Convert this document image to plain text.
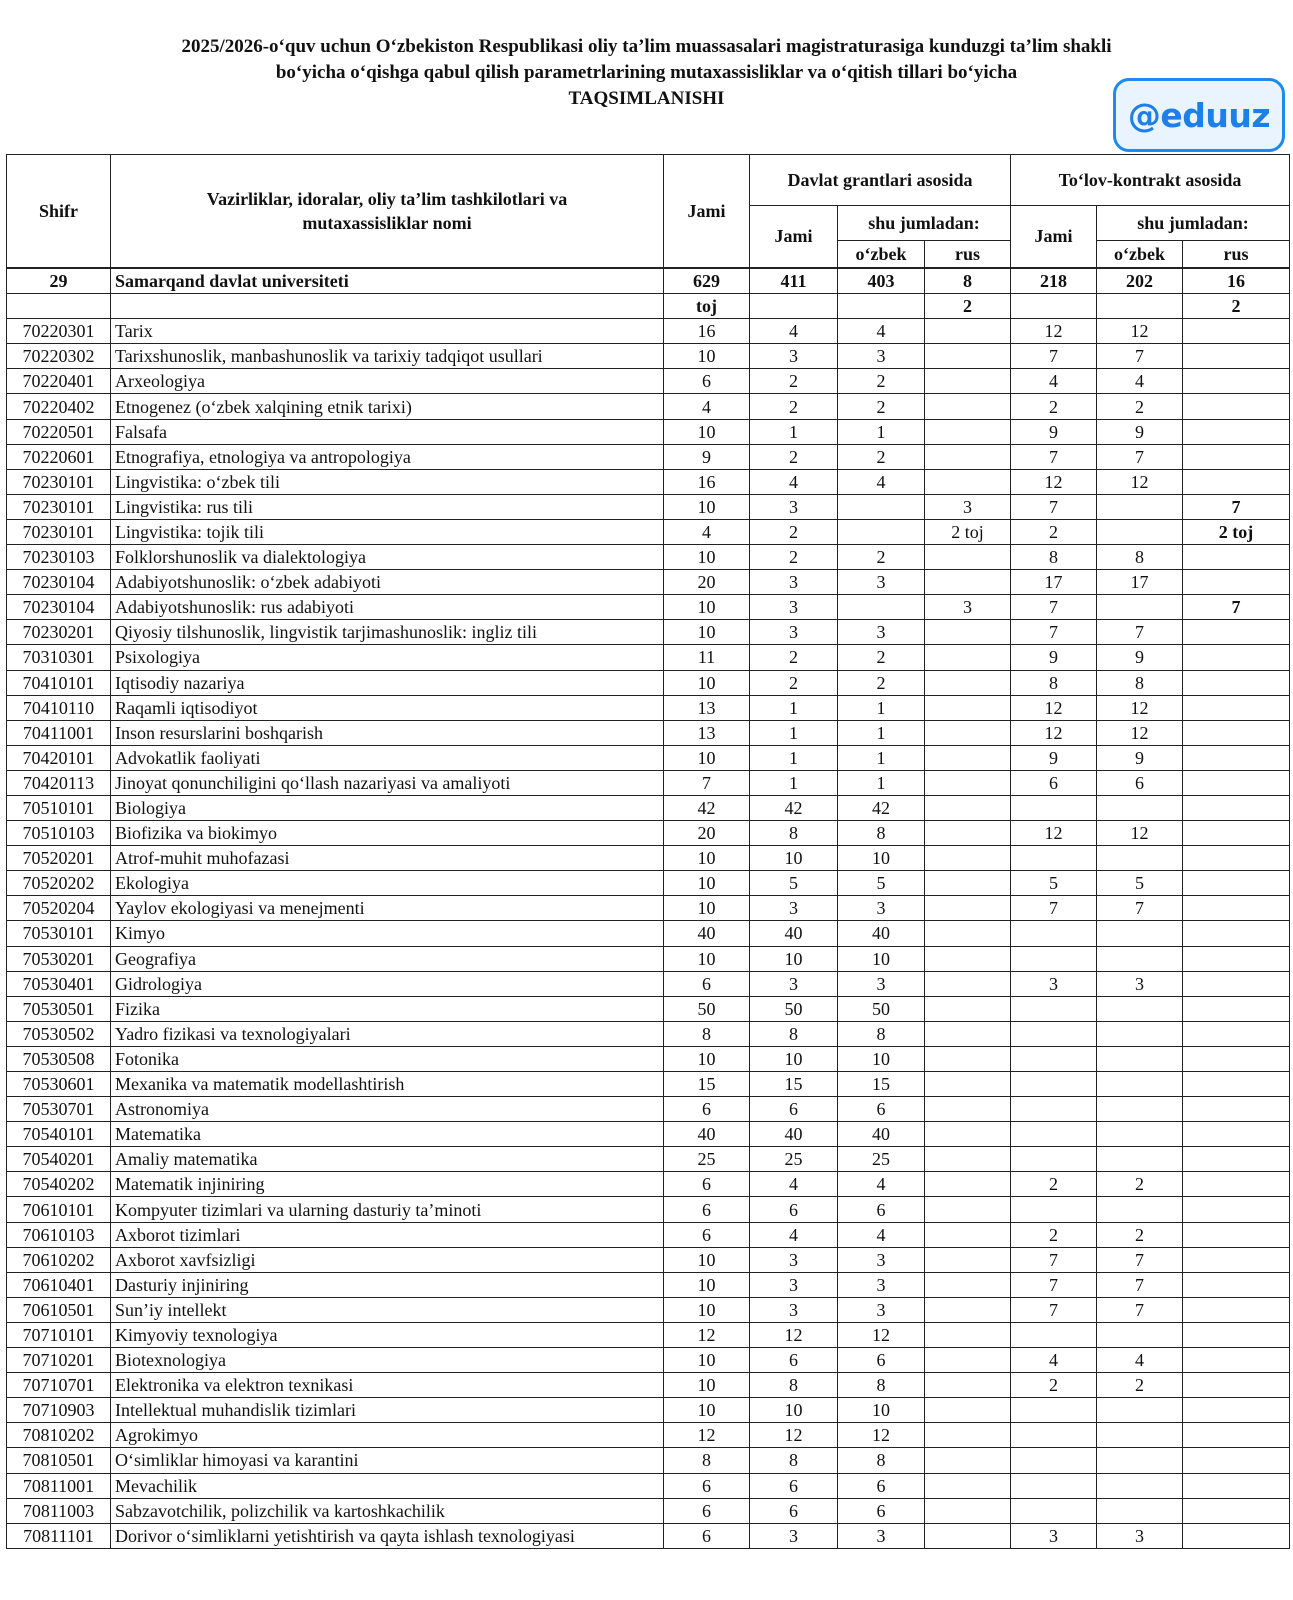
2025/2026-o‘quv uchun O‘zbekiston Respublikasi oliy ta’lim muassasalari magistraturasiga kunduzgi ta’lim shakli
bo‘yicha o‘qishga qabul qilish parametrlarining mutaxassisliklar va o‘qitish tillari bo‘yicha
TAQSIMLANISHI	@eduuz
Shifr	Vazirliklar, idoralar, oliy ta’lim tashkilotlari va mutaxassisliklar nomi	Jami	Davlat grantlari asosida			To‘lov-kontrakt asosida		
			Jami	shu jumladan:		Jami	shu jumladan:	
				o‘zbek	rus		o‘zbek	rus
29	Samarqand davlat universiteti	629	411	403	8	218	202	16
		toj			2			2
70220301	Tarix	16	4	4		12	12	
70220302	Tarixshunoslik, manbashunoslik va tarixiy tadqiqot usullari	10	3	3		7	7	
70220401	Arxeologiya	6	2	2		4	4	
70220402	Etnogenez (o‘zbek xalqining etnik tarixi)	4	2	2		2	2	
70220501	Falsafa	10	1	1		9	9	
70220601	Etnografiya, etnologiya va antropologiya	9	2	2		7	7	
70230101	Lingvistika: o‘zbek tili	16	4	4		12	12	
70230101	Lingvistika: rus tili	10	3		3	7		7
70230101	Lingvistika: tojik tili	4	2		2 toj	2		2 toj
70230103	Folklorshunoslik va dialektologiya	10	2	2		8	8	
70230104	Adabiyotshunoslik: o‘zbek adabiyoti	20	3	3		17	17	
70230104	Adabiyotshunoslik: rus adabiyoti	10	3		3	7		7
70230201	Qiyosiy tilshunoslik, lingvistik tarjimashunoslik: ingliz tili	10	3	3		7	7	
70310301	Psixologiya	11	2	2		9	9	
70410101	Iqtisodiy nazariya	10	2	2		8	8	
70410110	Raqamli iqtisodiyot	13	1	1		12	12	
70411001	Inson resurslarini boshqarish	13	1	1		12	12	
70420101	Advokatlik faoliyati	10	1	1		9	9	
70420113	Jinoyat qonunchiligini qo‘llash nazariyasi va amaliyoti	7	1	1		6	6	
70510101	Biologiya	42	42	42				
70510103	Biofizika va biokimyo	20	8	8		12	12	
70520201	Atrof-muhit muhofazasi	10	10	10				
70520202	Ekologiya	10	5	5		5	5	
70520204	Yaylov ekologiyasi va menejmenti	10	3	3		7	7	
70530101	Kimyo	40	40	40				
70530201	Geografiya	10	10	10				
70530401	Gidrologiya	6	3	3		3	3	
70530501	Fizika	50	50	50				
70530502	Yadro fizikasi va texnologiyalari	8	8	8				
70530508	Fotonika	10	10	10				
70530601	Mexanika va matematik modellashtirish	15	15	15				
70530701	Astronomiya	6	6	6				
70540101	Matematika	40	40	40				
70540201	Amaliy matematika	25	25	25				
70540202	Matematik injiniring	6	4	4		2	2	
70610101	Kompyuter tizimlari va ularning dasturiy ta’minoti	6	6	6				
70610103	Axborot tizimlari	6	4	4		2	2	
70610202	Axborot xavfsizligi	10	3	3		7	7	
70610401	Dasturiy injiniring	10	3	3		7	7	
70610501	Sun’iy intellekt	10	3	3		7	7	
70710101	Kimyoviy texnologiya	12	12	12				
70710201	Biotexnologiya	10	6	6		4	4	
70710701	Elektronika va elektron texnikasi	10	8	8		2	2	
70710903	Intellektual muhandislik tizimlari	10	10	10				
70810202	Agrokimyo	12	12	12				
70810501	O‘simliklar himoyasi va karantini	8	8	8				
70811001	Mevachilik	6	6	6				
70811003	Sabzavotchilik, polizchilik va kartoshkachilik	6	6	6				
70811101	Dorivor o‘simliklarni yetishtirish va qayta ishlash texnologiyasi	6	3	3		3	3	
